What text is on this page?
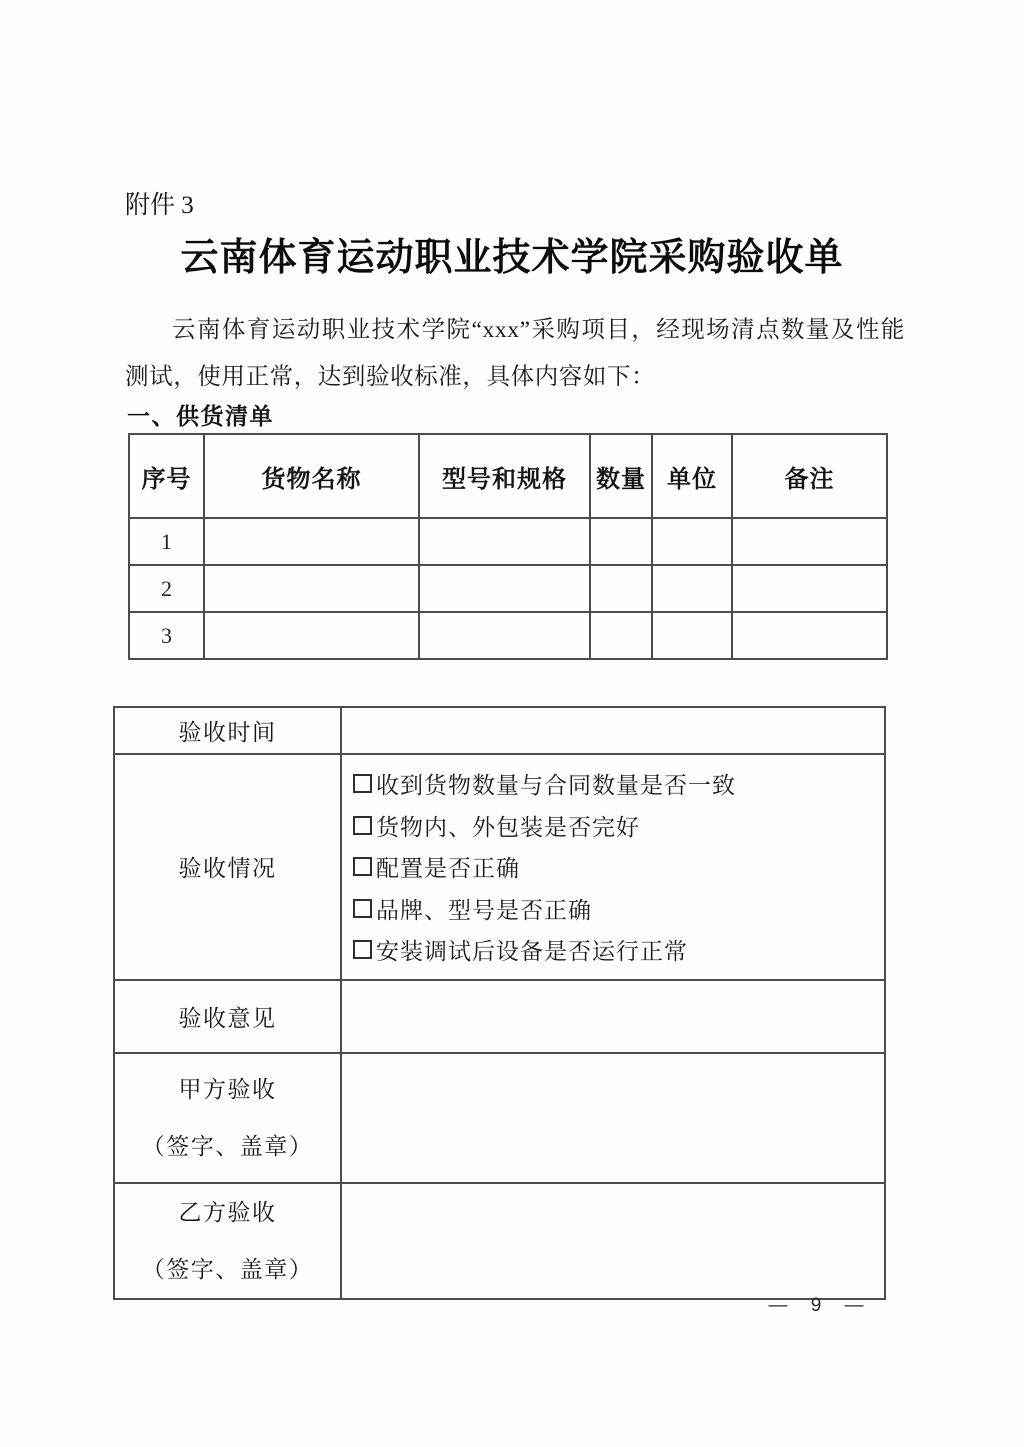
附件 3
云南体育运动职业技术学院采购验收单

云南体育运动职业技术学院“xxx”采购项目，经现场清点数量及性能测试，使用正常，达到验收标准，具体内容如下：

一、供货清单
序号	货物名称	型号和规格	数量	单位	备注
1					
2					
3					
验收时间	
验收情况	收到货物数量与合同数量是否一致
货物内、外包装是否完好
配置是否正确
品牌、型号是否正确
安装调试后设备是否运行正常

验收意见	

甲方验收
（签字、盖章）	

乙方验收
（签字、盖章）	

— 9 —
